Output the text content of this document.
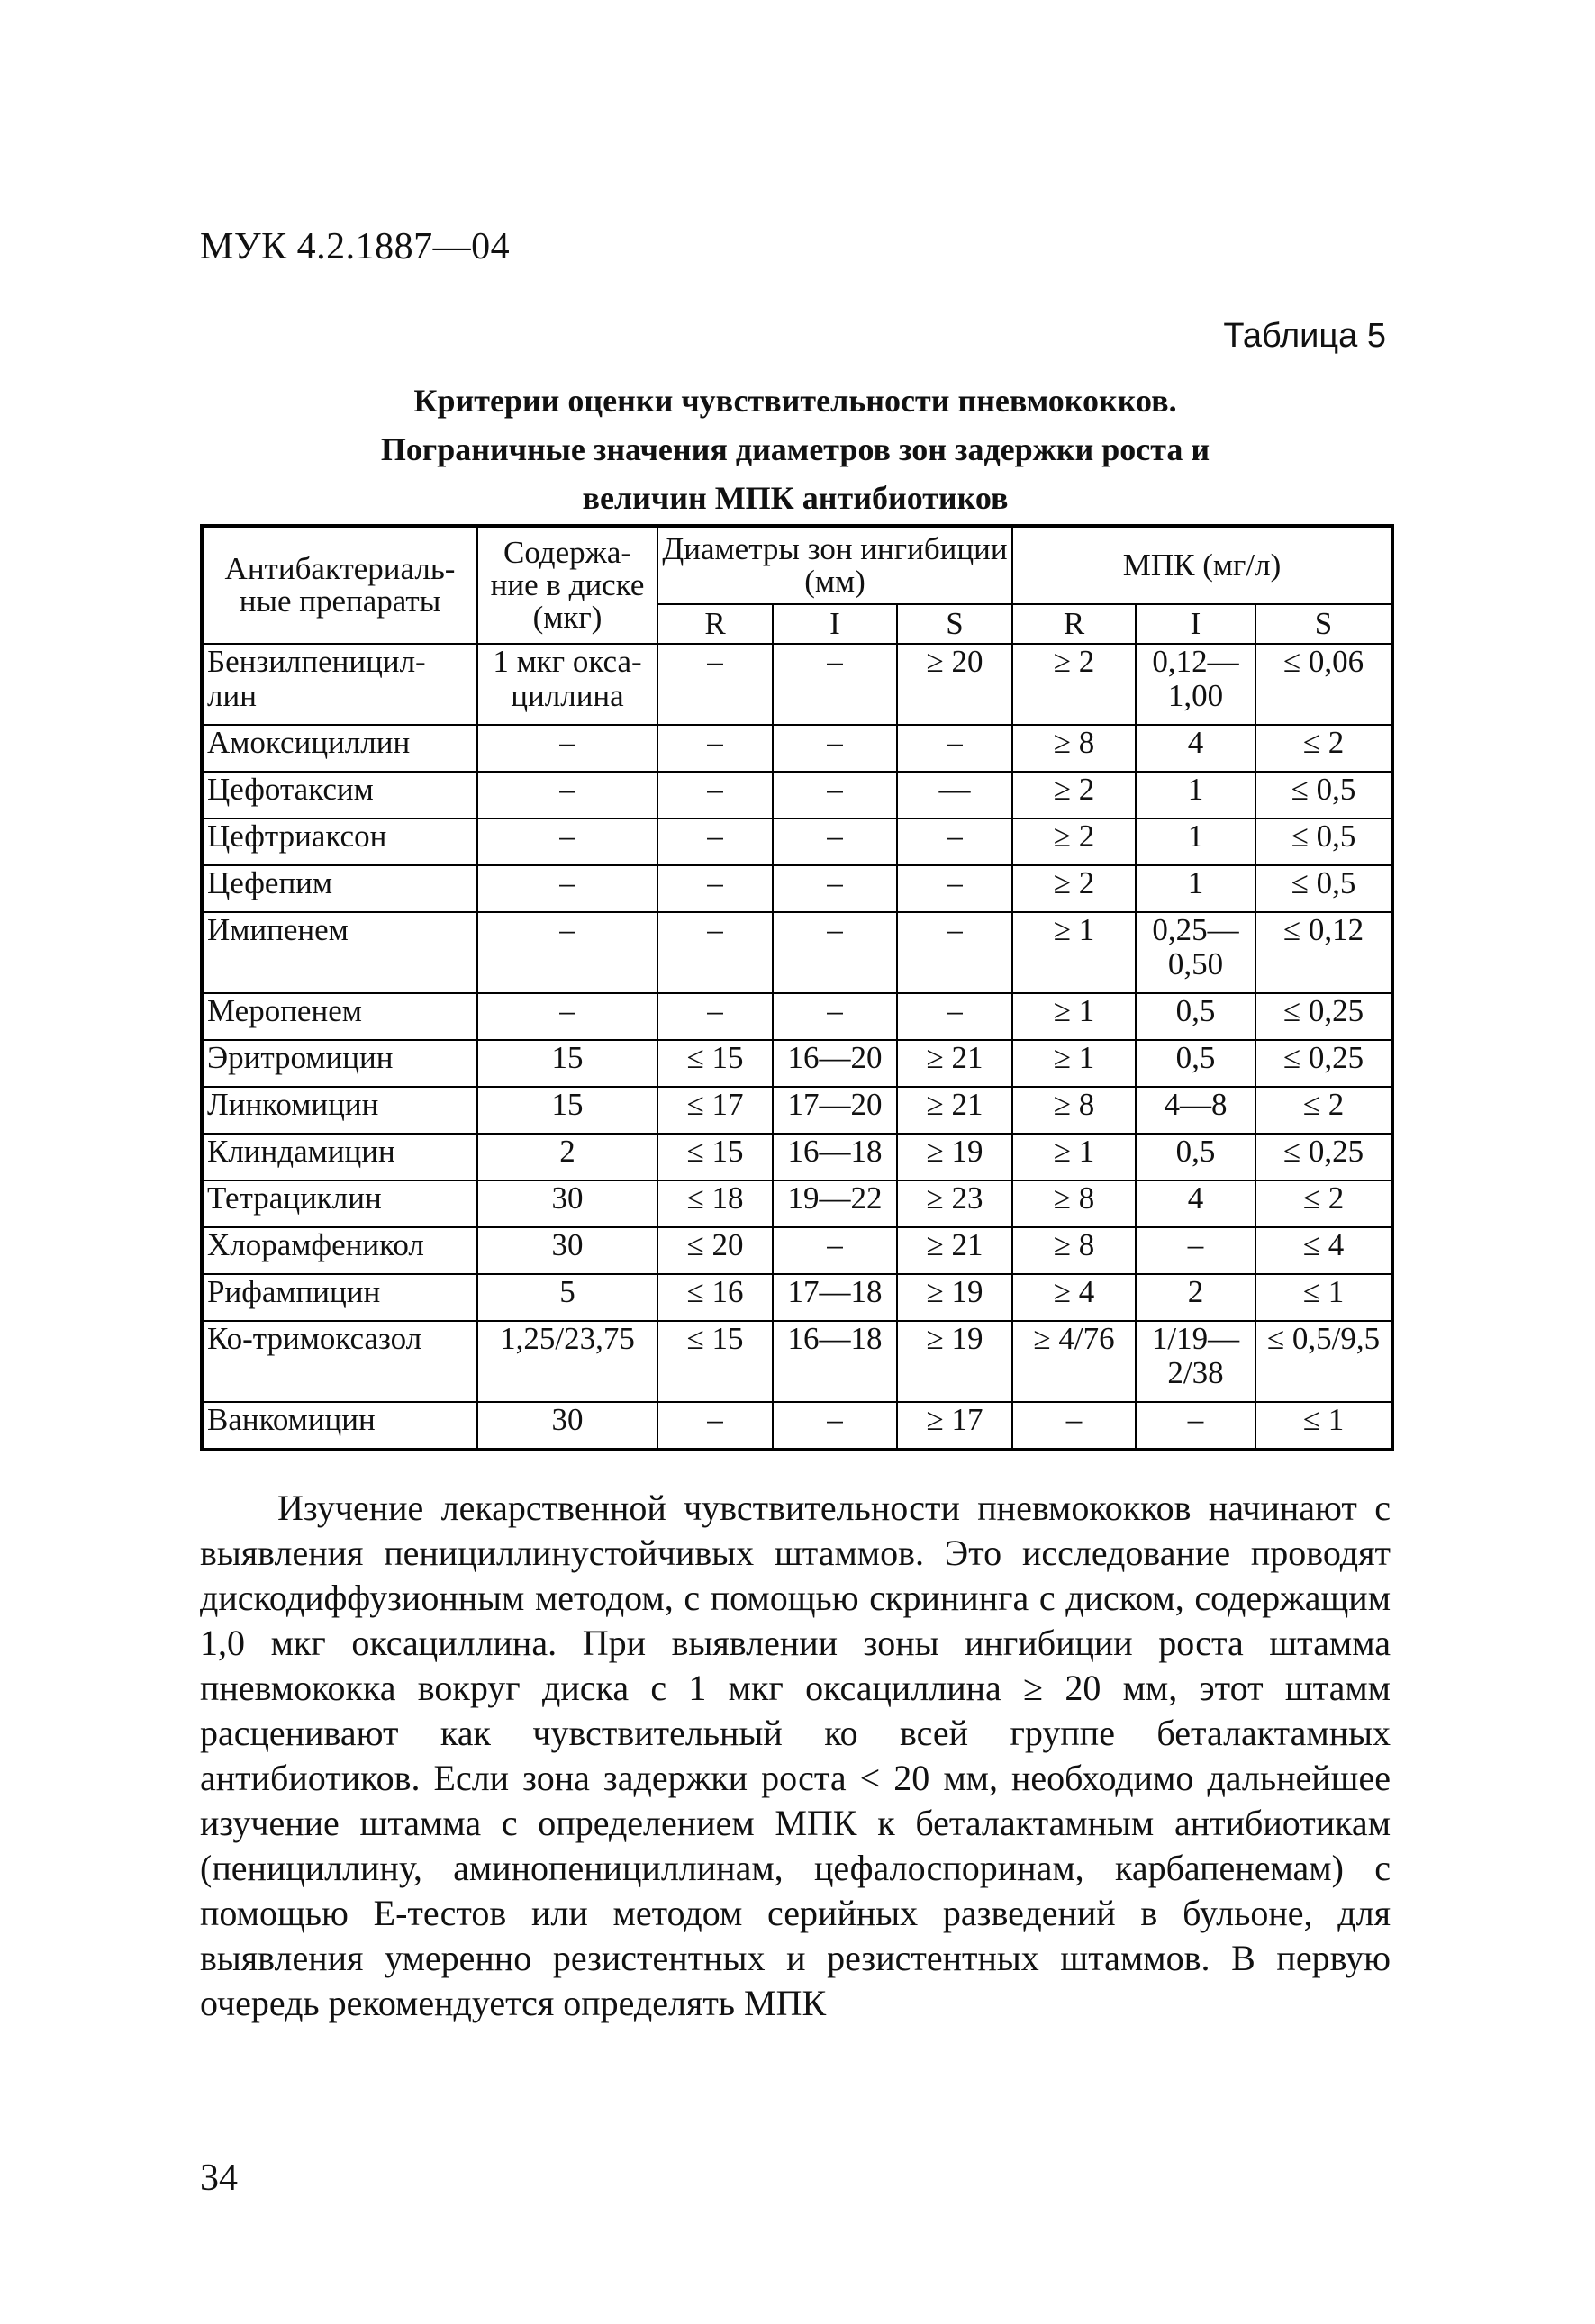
МУК 4.2.1887—04
Таблица 5
Критерии оценки чувствительности пневмококков.
Пограничные значения диаметров зон задержки роста и
величин МПК антибиотиков
Антибактериаль-ные препараты	Содержа-ние в диске (мкг)	Диаметры зон ингибиции (мм)			МПК (мг/л)		
		R	I	S	R	I	S
Бензилпеницил-лин	1 мкг окса-циллина	–	–	≥ 20	≥ 2	0,12—1,00	≤ 0,06
Амоксициллин	–	–	–	–	≥ 8	4	≤ 2
Цефотаксим	–	–	–	—	≥ 2	1	≤ 0,5
Цефтриаксон	–	–	–	–	≥ 2	1	≤ 0,5
Цефепим	–	–	–	–	≥ 2	1	≤ 0,5
Имипенем	–	–	–	–	≥ 1	0,25—0,50	≤ 0,12
Меропенем	–	–	–	–	≥ 1	0,5	≤ 0,25
Эритромицин	15	≤ 15	16—20	≥ 21	≥ 1	0,5	≤ 0,25
Линкомицин	15	≤ 17	17—20	≥ 21	≥ 8	4—8	≤ 2
Клиндамицин	2	≤ 15	16—18	≥ 19	≥ 1	0,5	≤ 0,25
Тетрациклин	30	≤ 18	19—22	≥ 23	≥ 8	4	≤ 2
Хлорамфеникол	30	≤ 20	–	≥ 21	≥ 8	–	≤ 4
Рифампицин	5	≤ 16	17—18	≥ 19	≥ 4	2	≤ 1
Ко-тримоксазол	1,25/23,75	≤ 15	16—18	≥ 19	≥ 4/76	1/19—2/38	≤ 0,5/9,5
Ванкомицин	30	–	–	≥ 17	–	–	≤ 1
Изучение лекарственной чувствительности пневмококков начинают с выявления пенициллинустойчивых штаммов. Это исследование проводят дискодиффузионным методом, с помощью скрининга с диском, содержащим 1,0 мкг оксациллина. При выявлении зоны ингибиции роста штамма пневмококка вокруг диска с 1 мкг оксациллина ≥ 20 мм, этот штамм расценивают как чувствительный ко всей группе беталактамных антибиотиков. Если зона задержки роста < 20 мм, необходимо дальнейшее изучение штамма с определением МПК к беталактамным антибиотикам (пенициллину, аминопенициллинам, цефалоспоринам, карбапенемам) с помощью Е-тестов или методом серийных разведений в бульоне, для выявления умеренно резистентных и резистентных штаммов. В первую очередь рекомендуется определять МПК
34
